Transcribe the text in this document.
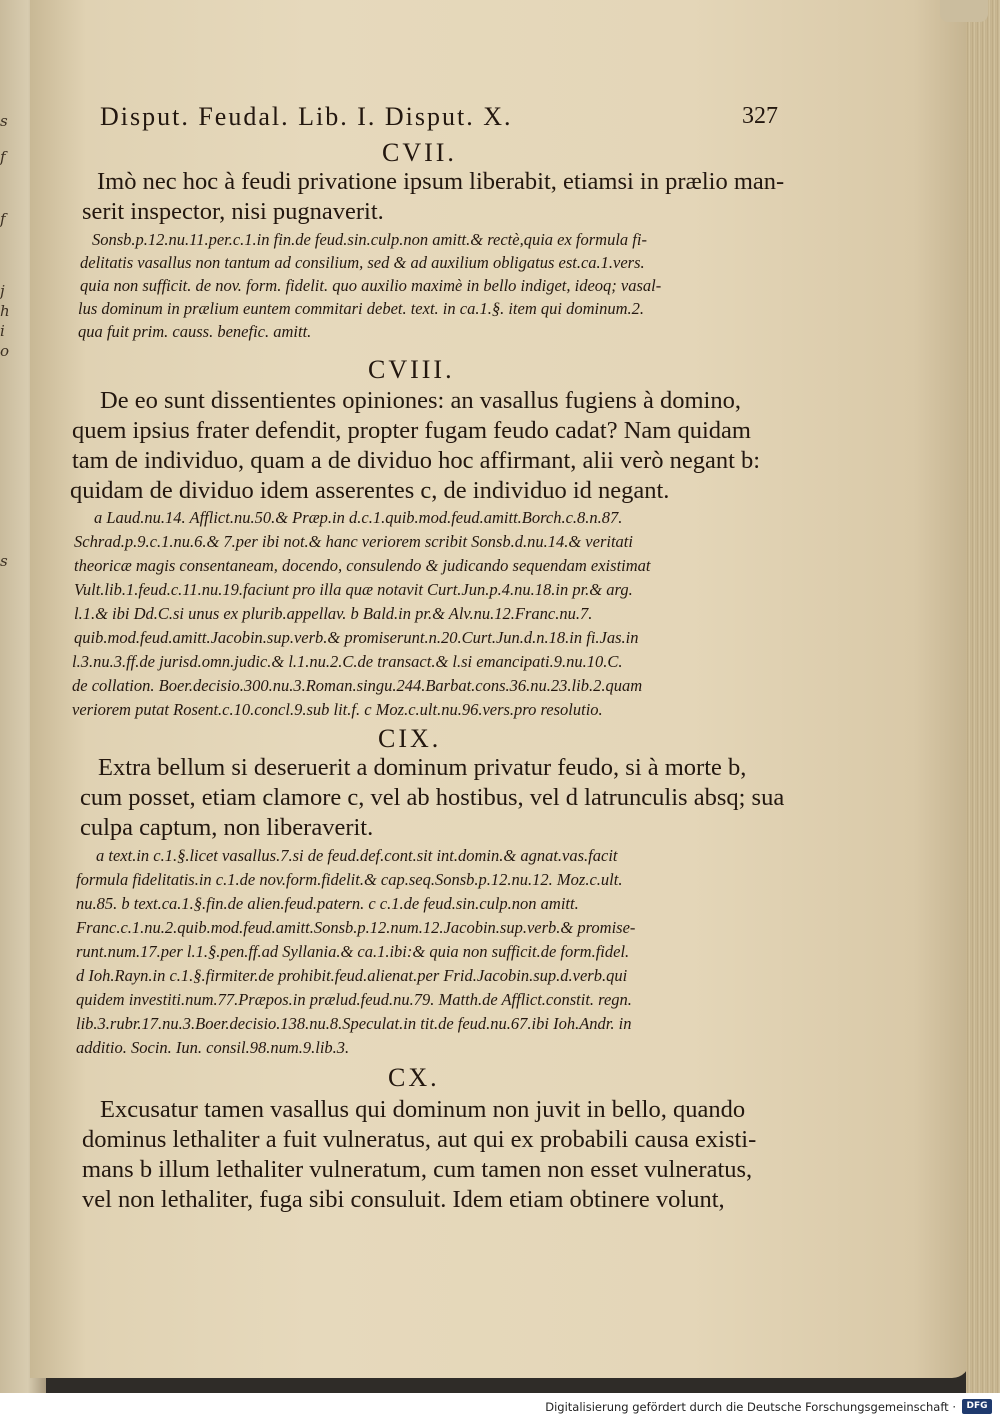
s
f
f
j
h
i
o
s

Disput. Feudal. Lib. I. Disput. X.	327

CVII.

Imò nec hoc à feudi privatione ipsum liberabit, etiamsi in prælio man-

serit inspector, nisi pugnaverit.

Sonsb.p.12.nu.11.per.c.1.in fin.de feud.sin.culp.non amitt.& rectè,quia ex formula fi-

delitatis vasallus non tantum ad consilium, sed & ad auxilium obligatus est.ca.1.vers.

quia non sufficit. de nov. form. fidelit. quo auxilio maximè in bello indiget, ideoq; vasal-

lus dominum in prælium euntem commitari debet. text. in ca.1.§. item qui dominum.2.

qua fuit prim. causs. benefic. amitt.

CVIII.

De eo sunt dissentientes opiniones: an vasallus fugiens à domino,

quem ipsius frater defendit, propter fugam feudo cadat? Nam quidam

tam de individuo, quam a de dividuo hoc affirmant, alii verò negant b:

quidam de dividuo idem asserentes c, de individuo id negant.

a Laud.nu.14. Afflict.nu.50.& Præp.in d.c.1.quib.mod.feud.amitt.Borch.c.8.n.87.

Schrad.p.9.c.1.nu.6.& 7.per ibi not.& hanc veriorem scribit Sonsb.d.nu.14.& veritati

theoricæ magis consentaneam, docendo, consulendo & judicando sequendam existimat

Vult.lib.1.feud.c.11.nu.19.faciunt pro illa quæ notavit Curt.Jun.p.4.nu.18.in pr.& arg.

l.1.& ibi Dd.C.si unus ex plurib.appellav. b Bald.in pr.& Alv.nu.12.Franc.nu.7.

quib.mod.feud.amitt.Jacobin.sup.verb.& promiserunt.n.20.Curt.Jun.d.n.18.in fi.Jas.in

l.3.nu.3.ff.de jurisd.omn.judic.& l.1.nu.2.C.de transact.& l.si emancipati.9.nu.10.C.

de collation. Boer.decisio.300.nu.3.Roman.singu.244.Barbat.cons.36.nu.23.lib.2.quam

veriorem putat Rosent.c.10.concl.9.sub lit.f. c Moz.c.ult.nu.96.vers.pro resolutio.

CIX.

Extra bellum si deseruerit a dominum privatur feudo, si à morte b,

cum posset, etiam clamore c, vel ab hostibus, vel d latrunculis absq; sua

culpa captum, non liberaverit.

a text.in c.1.§.licet vasallus.7.si de feud.def.cont.sit int.domin.& agnat.vas.facit

formula fidelitatis.in c.1.de nov.form.fidelit.& cap.seq.Sonsb.p.12.nu.12. Moz.c.ult.

nu.85. b text.ca.1.§.fin.de alien.feud.patern. c c.1.de feud.sin.culp.non amitt.

Franc.c.1.nu.2.quib.mod.feud.amitt.Sonsb.p.12.num.12.Jacobin.sup.verb.& promise-

runt.num.17.per l.1.§.pen.ff.ad Syllania.& ca.1.ibi:& quia non sufficit.de form.fidel.

d Ioh.Rayn.in c.1.§.firmiter.de prohibit.feud.alienat.per Frid.Jacobin.sup.d.verb.qui

quidem investiti.num.77.Præpos.in prælud.feud.nu.79. Matth.de Afflict.constit. regn.

lib.3.rubr.17.nu.3.Boer.decisio.138.nu.8.Speculat.in tit.de feud.nu.67.ibi Ioh.Andr. in

additio. Socin. Iun. consil.98.num.9.lib.3.

CX.

Excusatur tamen vasallus qui dominum non juvit in bello, quando

dominus lethaliter a fuit vulneratus, aut qui ex probabili causa existi-

mans b illum lethaliter vulneratum, cum tamen non esset vulneratus,

vel non lethaliter, fuga sibi consuluit. Idem etiam obtinere volunt,

Digitalisierung gefördert durch die Deutsche Forschungsgemeinschaft ·	DFG
